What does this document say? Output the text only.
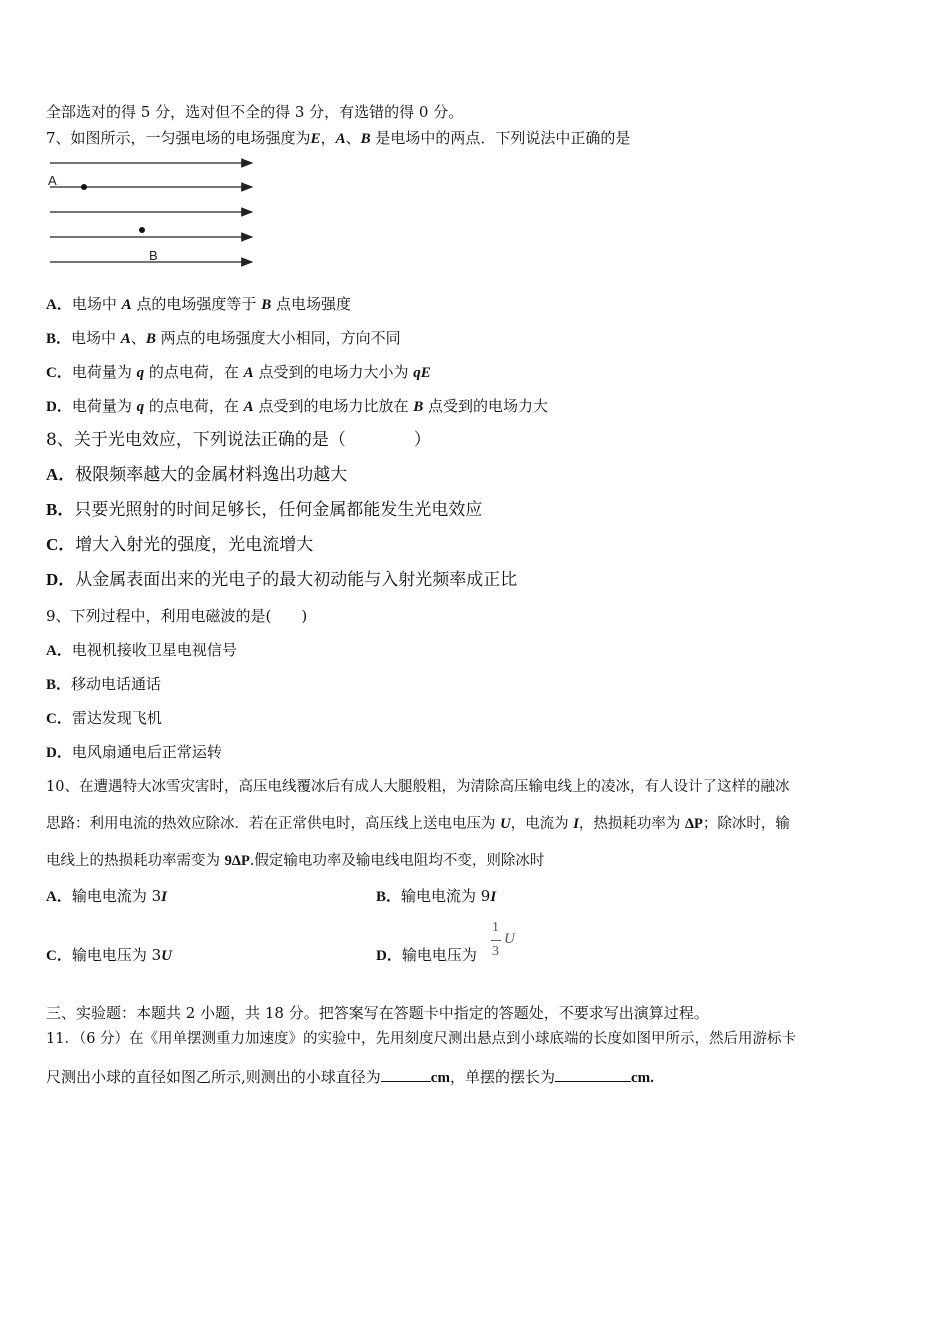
全部选对的得 5 分，选对但不全的得 3 分，有选错的得 0 分。
7、如图所示，一匀强电场的电场强度为E，A、B 是电场中的两点．下列说法中正确的是
A
B
A．电场中 A 点的电场强度等于 B 点电场强度
B．电场中 A、B 两点的电场强度大小相同，方向不同
C．电荷量为 q 的点电荷，在 A 点受到的电场力大小为 qE
D．电荷量为 q 的点电荷，在 A 点受到的电场力比放在 B 点受到的电场力大
8、关于光电效应，下列说法正确的是（　　　　）
A．极限频率越大的金属材料逸出功越大
B．只要光照射的时间足够长，任何金属都能发生光电效应
C．增大入射光的强度，光电流增大
D．从金属表面出来的光电子的最大初动能与入射光频率成正比
9、下列过程中，利用电磁波的是(　　)
A．电视机接收卫星电视信号
B．移动电话通话
C．雷达发现飞机
D．电风扇通电后正常运转
10、在遭遇特大冰雪灾害时，高压电线覆冰后有成人大腿般粗，为清除高压输电线上的凌冰，有人设计了这样的融冰
思路：利用电流的热效应除冰．若在正常供电时，高压线上送电电压为 U，电流为 I，热损耗功率为 ΔP；除冰时，输
电线上的热损耗功率需变为 9ΔP.假定输电功率及输电线电阻均不变，则除冰时
A．输电电流为 3I	B．输电电流为 9I
C．输电电压为 3U	D．输电电压为
1
3
U
三、实验题：本题共 2 小题，共 18 分。把答案写在答题卡中指定的答题处，不要求写出演算过程。
11．（6 分）在《用单摆测重力加速度》的实验中，先用刻度尺测出悬点到小球底端的长度如图甲所示，然后用游标卡
尺测出小球的直径如图乙所示,则测出的小球直径为	cm，单摆的摆长为	cm.
